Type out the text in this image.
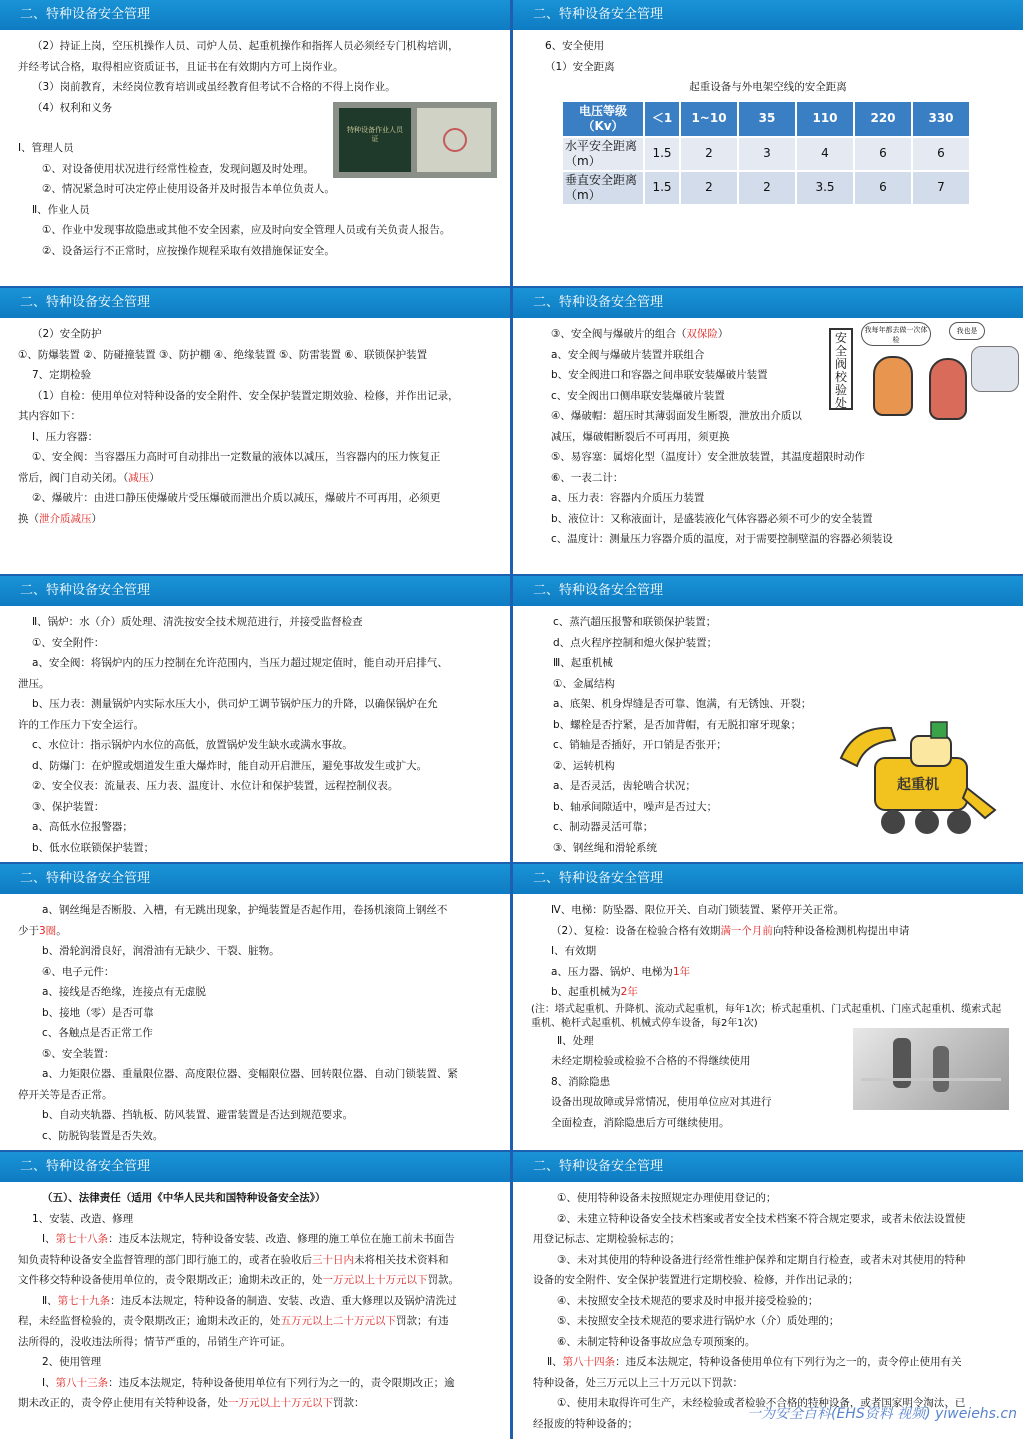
二、特种设备安全管理
（2）持证上岗，空压机操作人员、司炉人员、起重机操作和指挥人员必须经专门机构培训，
并经考试合格，取得相应资质证书，且证书在有效期内方可上岗作业。
（3）岗前教育，未经岗位教育培训或虽经教育但考试不合格的不得上岗作业。
（4）权利和义务
Ⅰ、管理人员
①、对设备使用状况进行经常性检查，发现问题及时处理。
②、情况紧急时可决定停止使用设备并及时报告本单位负责人。
Ⅱ、作业人员
①、作业中发现事故隐患或其他不安全因素，应及时向安全管理人员或有关负责人报告。
②、设备运行不正常时，应按操作规程采取有效措施保证安全。
特种设备作业人员证
二、特种设备安全管理
6、安全使用
（1）安全距离
起重设备与外电架空线的安全距离
电压等级（Kv）	＜1	1~10	35	110	220	330
水平安全距离（m）	1.5	2	3	4	6	6
垂直安全距离（m）	1.5	2	2	3.5	6	7
二、特种设备安全管理
（2）安全防护
①、防爆装置 ②、防碰撞装置 ③、防护棚 ④、绝缘装置 ⑤、防雷装置 ⑥、联锁保护装置
7、定期检验
（1）自检：使用单位对特种设备的安全附件、安全保护装置定期效验、检修，并作出记录，
其内容如下：
Ⅰ、压力容器：
①、安全阀：当容器压力高时可自动排出一定数量的液体以减压，当容器内的压力恢复正
常后，阀门自动关闭。（减压）
②、爆破片：由进口静压使爆破片受压爆破而泄出介质以减压，爆破片不可再用，必须更
换（泄介质减压）
二、特种设备安全管理
③、安全阀与爆破片的组合（双保险）
a、安全阀与爆破片装置并联组合
b、安全阀进口和容器之间串联安装爆破片装置
c、安全阀出口侧串联安装爆破片装置
④、爆破帽：超压时其薄弱面发生断裂，泄放出介质以
减压，爆破帽断裂后不可再用，须更换
⑤、易容塞：属熔化型（温度计）安全泄放装置，其温度超限时动作
⑥、一表二计：
a、压力表：容器内介质压力装置
b、液位计：又称液面计，是盛装液化气体容器必须不可少的安全装置
c、温度计：测量压力容器介质的温度，对于需要控制壁温的容器必须装设
安全阀校验处
我每年都去做一次体检
我也是
二、特种设备安全管理
Ⅱ、锅炉：水（介）质处理、清洗按安全技术规范进行，并接受监督检查
①、安全附件：
a、安全阀：将锅炉内的压力控制在允许范围内，当压力超过规定值时，能自动开启排气、
泄压。
b、压力表：测量锅炉内实际水压大小，供司炉工调节锅炉压力的升降，以确保锅炉在允
许的工作压力下安全运行。
c、水位计：指示锅炉内水位的高低，放置锅炉发生缺水或满水事故。
d、防爆门：在炉膛或烟道发生重大爆炸时，能自动开启泄压，避免事故发生或扩大。
②、安全仪表：流量表、压力表、温度计、水位计和保护装置，远程控制仪表。
③、保护装置：
a、高低水位报警器；
b、低水位联锁保护装置；
二、特种设备安全管理
c、蒸汽超压报警和联锁保护装置；
d、点火程序控制和熄火保护装置；
Ⅲ、起重机械
①、金属结构
a、底架、机身焊缝是否可靠、饱满，有无锈蚀、开裂；
b、螺栓是否拧紧，是否加背帽，有无脱扣窜牙现象；
c、销轴是否插好，开口销是否张开；
②、运转机构
a、是否灵活，齿轮啮合状况；
b、轴承间隙适中，噪声是否过大；
c、制动器灵活可靠；
③、钢丝绳和滑轮系统
起重机
二、特种设备安全管理
a、钢丝绳是否断股、入槽，有无跳出现象，护绳装置是否起作用，卷扬机滚筒上钢丝不
少于3圈。
b、滑轮润滑良好，润滑油有无缺少、干裂、脏物。
④、电子元件：
a、接线是否绝缘，连接点有无虚脱
b、接地（零）是否可靠
c、各触点是否正常工作
⑤、安全装置：
a、力矩限位器、重量限位器、高度限位器、变幅限位器、回转限位器、自动门锁装置、紧
停开关等是否正常。
b、自动夹轨器、挡轨板、防风装置、避雷装置是否达到规范要求。
c、防脱钩装置是否失效。
二、特种设备安全管理
Ⅳ、电梯：防坠器、限位开关、自动门锁装置、紧停开关正常。
（2）、复检：设备在检验合格有效期满一个月前向特种设备检测机构提出申请
Ⅰ、有效期
a、压力器、锅炉、电梯为1年
b、起重机械为2年
(注：塔式起重机、升降机、流动式起重机，每年1次；桥式起重机、门式起重机、门座式起重机、缆索式起重机、桅杆式起重机、机械式停车设备，每2年1次)
Ⅱ、处理
未经定期检验或检验不合格的不得继续使用
8、消除隐患
设备出现故障或异常情况，使用单位应对其进行
全面检查，消除隐患后方可继续使用。
二、特种设备安全管理
（五）、法律责任（适用《中华人民共和国特种设备安全法》）
1、安装、改造、修理
Ⅰ、第七十八条：违反本法规定，特种设备安装、改造、修理的施工单位在施工前未书面告
知负责特种设备安全监督管理的部门即行施工的，或者在验收后三十日内未将相关技术资料和
文件移交特种设备使用单位的，责令限期改正；逾期未改正的，处一万元以上十万元以下罚款。
Ⅱ、第七十九条：违反本法规定，特种设备的制造、安装、改造、重大修理以及锅炉清洗过
程，未经监督检验的，责令限期改正；逾期未改正的，处五万元以上二十万元以下罚款；有违
法所得的，没收违法所得；情节严重的，吊销生产许可证。
2、使用管理
Ⅰ、第八十三条：违反本法规定，特种设备使用单位有下列行为之一的，责令限期改正；逾
期未改正的，责令停止使用有关特种设备，处一万元以上十万元以下罚款：
二、特种设备安全管理
①、使用特种设备未按照规定办理使用登记的；
②、未建立特种设备安全技术档案或者安全技术档案不符合规定要求，或者未依法设置使
用登记标志、定期检验标志的；
③、未对其使用的特种设备进行经常性维护保养和定期自行检查，或者未对其使用的特种
设备的安全附件、安全保护装置进行定期校验、检修，并作出记录的；
④、未按照安全技术规范的要求及时申报并接受检验的；
⑤、未按照安全技术规范的要求进行锅炉水（介）质处理的；
⑥、未制定特种设备事故应急专项预案的。
Ⅱ、第八十四条：违反本法规定，特种设备使用单位有下列行为之一的，责令停止使用有关
特种设备，处三万元以上三十万元以下罚款：
①、使用未取得许可生产，未经检验或者检验不合格的特种设备，或者国家明令淘汰、已
经报废的特种设备的；
一为安全百科(EHS资料 视频) yiweiehs.cn
